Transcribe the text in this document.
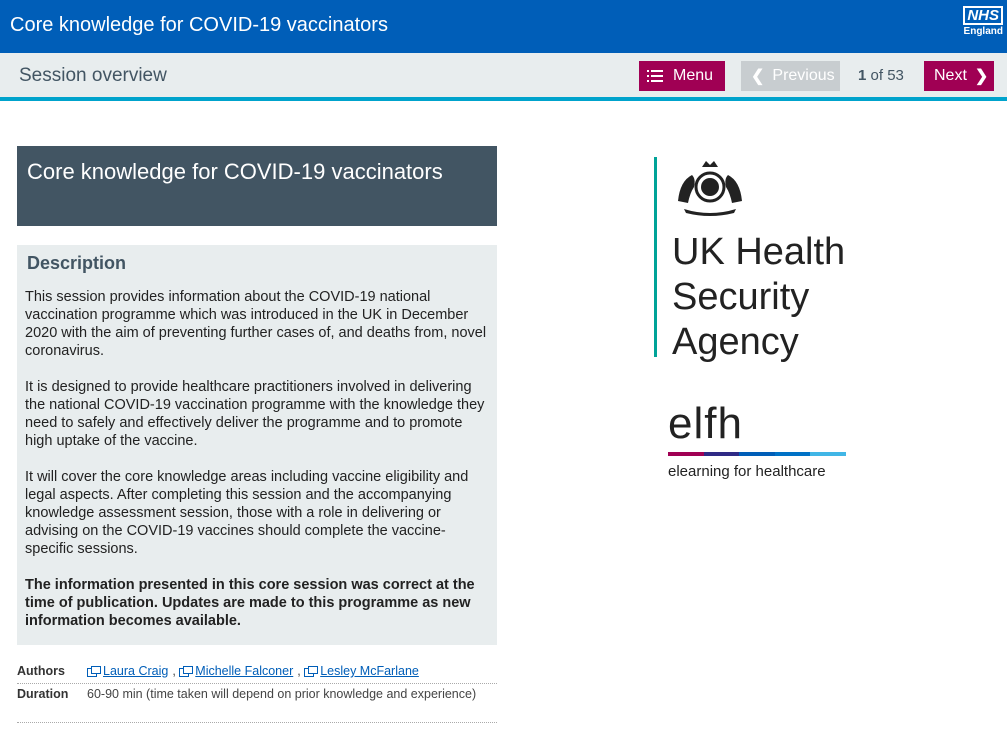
Core knowledge for COVID-19 vaccinators	NHS
England
Session overview	Menu ❮ Previous 1 of 53 Next ❯
Core knowledge for COVID-19 vaccinators
Description

This session provides information about the COVID-19 national vaccination programme which was introduced in the UK in December 2020 with the aim of preventing further cases of, and deaths from, novel coronavirus.

It is designed to provide healthcare practitioners involved in delivering the national COVID-19 vaccination programme with the knowledge they need to safely and effectively deliver the programme and to promote high uptake of the vaccine.

It will cover the core knowledge areas including vaccine eligibility and legal aspects. After completing this session and the accompanying knowledge assessment session, those with a role in delivering or advising on the COVID-19 vaccines should complete the vaccine-specific sessions.

The information presented in this core session was correct at the time of publication. Updates are made to this programme as new information becomes available.

Authors	Laura Craig , Michelle Falconer , Lesley McFarlane
Duration 60-90 min (time taken will depend on prior knowledge and experience)
UK Health
Security
Agency
elfh
elearning for healthcare
